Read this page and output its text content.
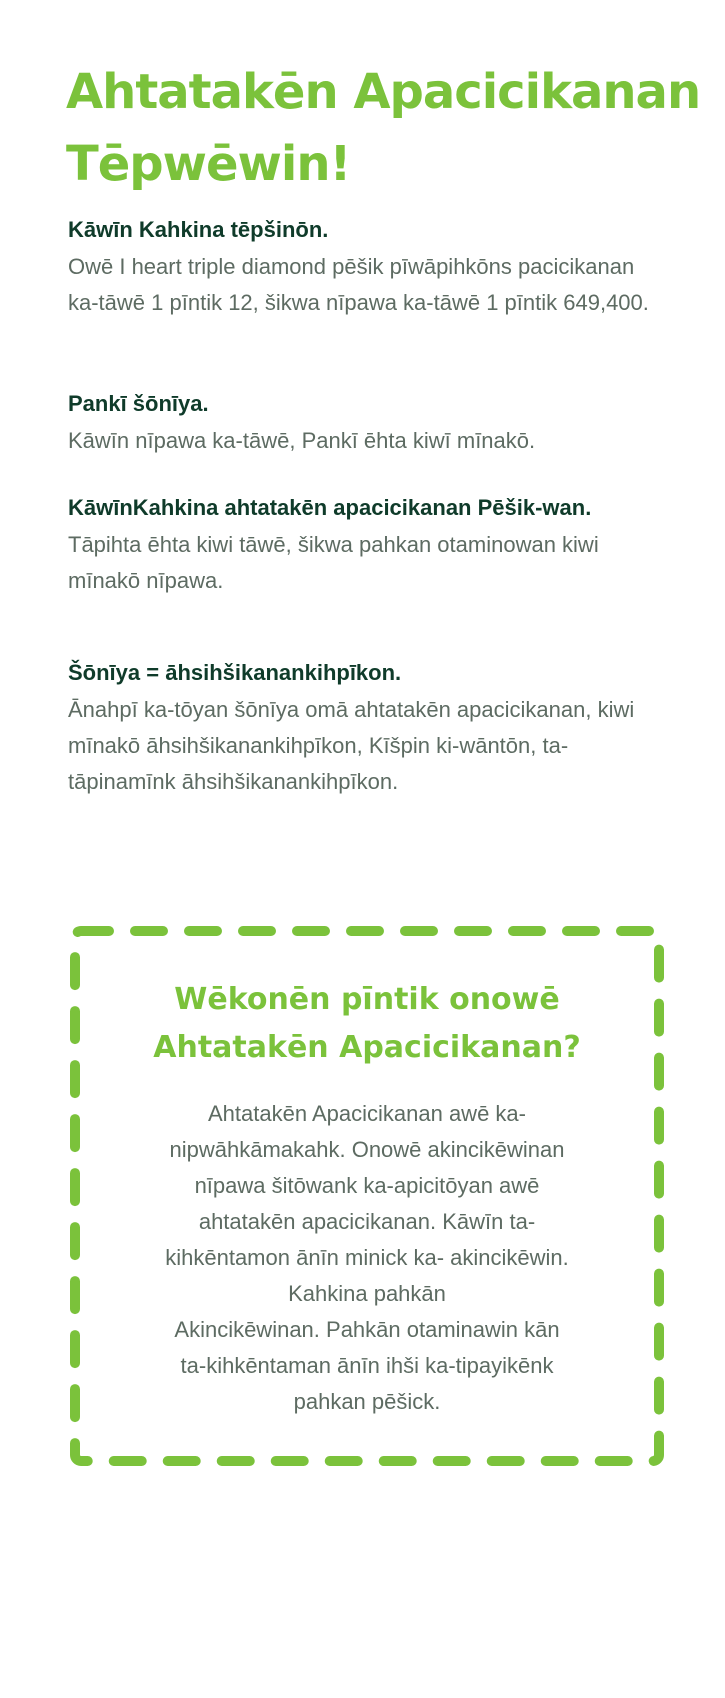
Ahtatakēn Apacicikanan
Tēpwēwin!
Kāwīn Kahkina tēpšinōn.

Owē I heart triple diamond pēšik pīwāpihkōns pacicikanan ka-tāwē 1 pīntik 12, šikwa nīpawa ka-tāwē 1 pīntik 649,400.

Pankī šōnīya.

Kāwīn nīpawa ka-tāwē, Pankī ēhta kiwī mīnakō.

KāwīnKahkina ahtatakēn apacicikanan Pēšik-wan.

Tāpihta ēhta kiwi tāwē, šikwa pahkan otaminowan kiwi mīnakō nīpawa.

Šōnīya = āhsihšikanankihpīkon.

Ānahpī ka-tōyan šōnīya omā ahtatakēn apacicikanan, kiwi mīnakō āhsihšikanankihpīkon, Kīšpin ki-wāntōn, ta-tāpinamīnk āhsihšikanankihpīkon.

Wēkonēn pīntik onowē
Ahtatakēn Apacicikanan?

Ahtatakēn Apacicikanan awē ka-
nipwāhkāmakahk. Onowē akincikēwinan
nīpawa šitōwank ka-apicitōyan awē
ahtatakēn apacicikanan. Kāwīn ta-
kihkēntamon ānīn minick ka- akincikēwin.
Kahkina pahkān
Akincikēwinan. Pahkān otaminawin kān
ta-kihkēntaman ānīn ihši ka-tipayikēnk
pahkan pēšick.
